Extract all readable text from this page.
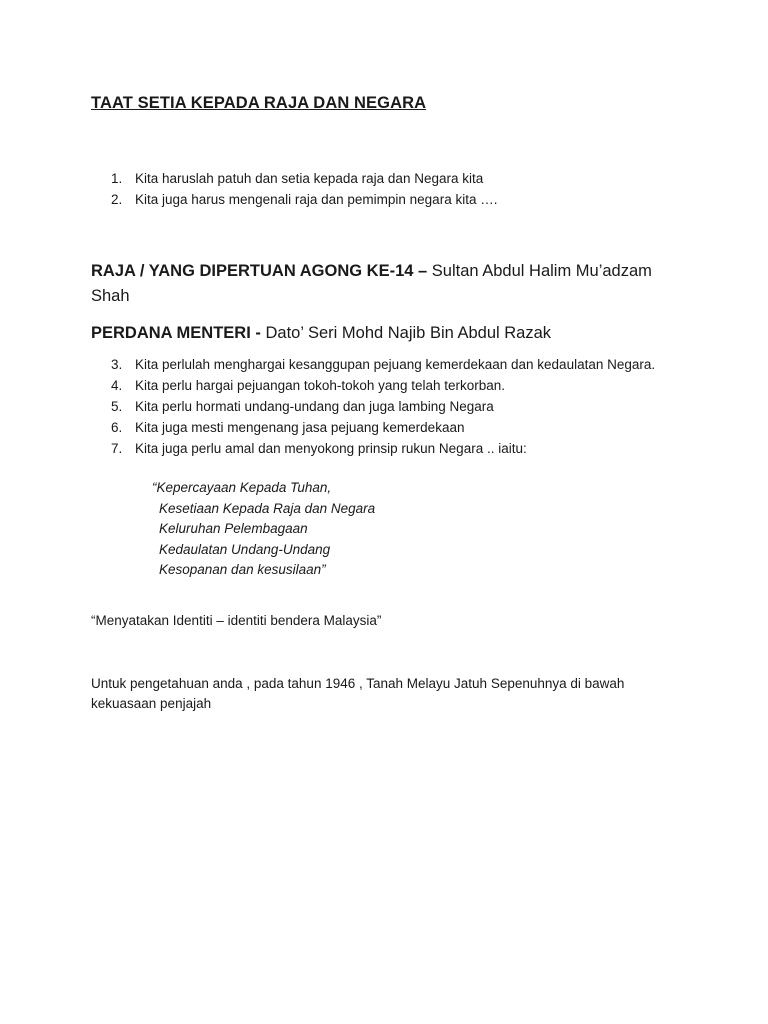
TAAT SETIA KEPADA RAJA DAN NEGARA
1. Kita haruslah patuh dan setia kepada raja dan Negara kita
2. Kita juga harus mengenali raja dan pemimpin negara kita ….

RAJA / YANG DIPERTUAN AGONG KE-14 – Sultan Abdul Halim Mu’adzam Shah

PERDANA MENTERI - Dato’ Seri Mohd Najib Bin Abdul Razak

3. Kita perlulah menghargai kesanggupan pejuang kemerdekaan dan kedaulatan Negara.
4. Kita perlu hargai pejuangan tokoh-tokoh yang telah terkorban.
5. Kita perlu hormati undang-undang dan juga lambing Negara
6. Kita juga mesti mengenang jasa pejuang kemerdekaan
7. Kita juga perlu amal dan menyokong prinsip rukun Negara .. iaitu:
“Kepercayaan Kepada Tuhan,
Kesetiaan Kepada Raja dan Negara
Keluruhan Pelembagaan
Kedaulatan Undang-Undang
Kesopanan dan kesusilaan”

“Menyatakan Identiti – identiti bendera Malaysia”

Untuk pengetahuan anda , pada tahun 1946 , Tanah Melayu Jatuh Sepenuhnya di bawah kekuasaan penjajah
